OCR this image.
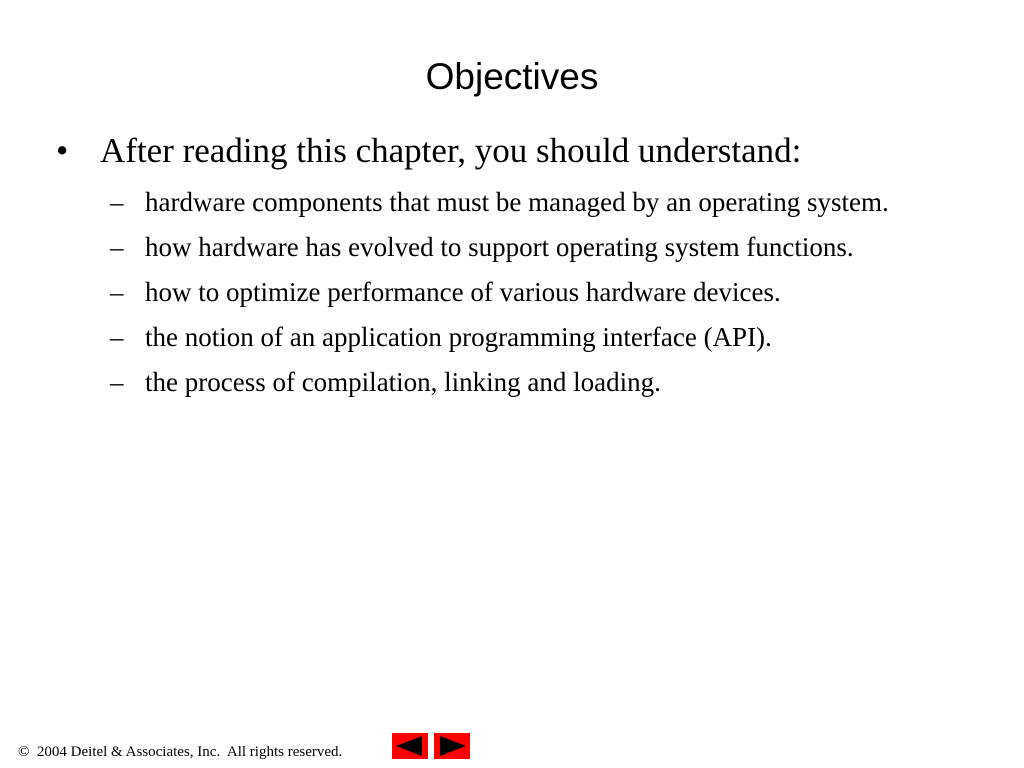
Objectives
• After reading this chapter, you should understand:
– hardware components that must be managed by an operating system.
– how hardware has evolved to support operating system functions.
– how to optimize performance of various hardware devices.
– the notion of an application programming interface (API).
– the process of compilation, linking and loading.
©  2004 Deitel & Associates, Inc.  All rights reserved.
